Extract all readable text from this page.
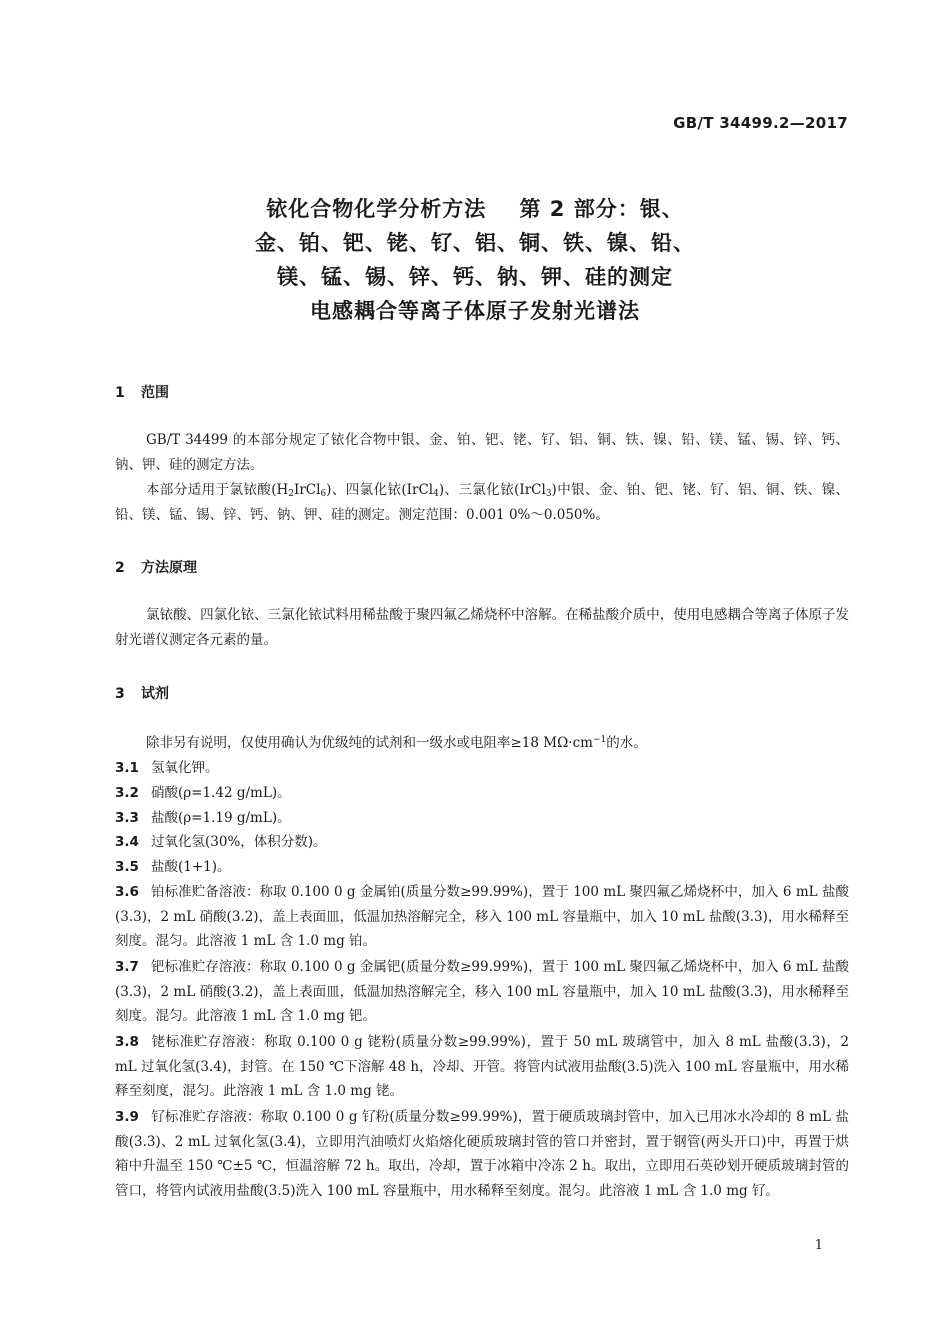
GB/T 34499.2—2017
铱化合物化学分析方法    第 2 部分：银、
金、铂、钯、铑、钌、铝、铜、铁、镍、铅、
镁、锰、锡、锌、钙、钠、钾、硅的测定
电感耦合等离子体原子发射光谱法
1 范围
GB/T 34499 的本部分规定了铱化合物中银、金、铂、钯、铑、钌、铝、铜、铁、镍、铅、镁、锰、锡、锌、钙、钠、钾、硅的测定方法。
本部分适用于氯铱酸$(H_2IrCl_6)$、四氯化铱(IrCl$_4$)、三氯化铱(IrCl$_3$)中银、金、铂、钯、铑、钌、铝、铜、铁、镍、铅、镁、锰、锡、锌、钙、钠、钾、硅的测定。测定范围：0.001 0%～0.050%。
2 方法原理
氯铱酸、四氯化铱、三氯化铱试料用稀盐酸于聚四氟乙烯烧杯中溶解。在稀盐酸介质中，使用电感耦合等离子体原子发射光谱仪测定各元素的量。
3 试剂
除非另有说明，仅使用确认为优级纯的试剂和一级水或电阻率≥18 $M\Omega\cdot cm^{-1}$的水。
3.1 氢氧化钾。
3.2 硝酸(ρ=1.42 g/mL)。
3.3 盐酸(ρ=1.19 g/mL)。
3.4 过氧化氢(30%，体积分数)。
3.5 盐酸(1+1)。
3.6 铂标准贮备溶液：称取 0.100 0 g 金属铂(质量分数≥99.99%)，置于 100 mL 聚四氟乙烯烧杯中，加入 6 mL 盐酸(3.3)，2 mL 硝酸(3.2)，盖上表面皿，低温加热溶解完全，移入 100 mL 容量瓶中，加入 10 mL 盐酸(3.3)，用水稀释至刻度。混匀。此溶液 1 mL 含 1.0 mg 铂。
3.7 钯标准贮存溶液：称取 0.100 0 g 金属钯(质量分数≥99.99%)，置于 100 mL 聚四氟乙烯烧杯中，加入 6 mL 盐酸(3.3)，2 mL 硝酸(3.2)，盖上表面皿，低温加热溶解完全，移入 100 mL 容量瓶中，加入 10 mL 盐酸(3.3)，用水稀释至刻度。混匀。此溶液 1 mL 含 1.0 mg 钯。
3.8 铑标准贮存溶液：称取 0.100 0 g 铑粉(质量分数≥99.99%)，置于 50 mL 玻璃管中，加入 8 mL 盐酸(3.3)，2 mL 过氧化氢(3.4)，封管。在 150 ℃下溶解 48 h，冷却、开管。将管内试液用盐酸(3.5)洗入 100 mL 容量瓶中，用水稀释至刻度，混匀。此溶液 1 mL 含 1.0 mg 铑。
3.9 钌标准贮存溶液：称取 0.100 0 g 钌粉(质量分数≥99.99%)，置于硬质玻璃封管中，加入已用冰水冷却的 8 mL 盐酸(3.3)、2 mL 过氧化氢(3.4)，立即用汽油喷灯火焰熔化硬质玻璃封管的管口并密封，置于钢管(两头开口)中，再置于烘箱中升温至 150 ℃±5 ℃，恒温溶解 72 h。取出，冷却，置于冰箱中冷冻 2 h。取出，立即用石英砂划开硬质玻璃封管的管口，将管内试液用盐酸(3.5)洗入 100 mL 容量瓶中，用水稀释至刻度。混匀。此溶液 1 mL 含 1.0 mg 钌。
1
